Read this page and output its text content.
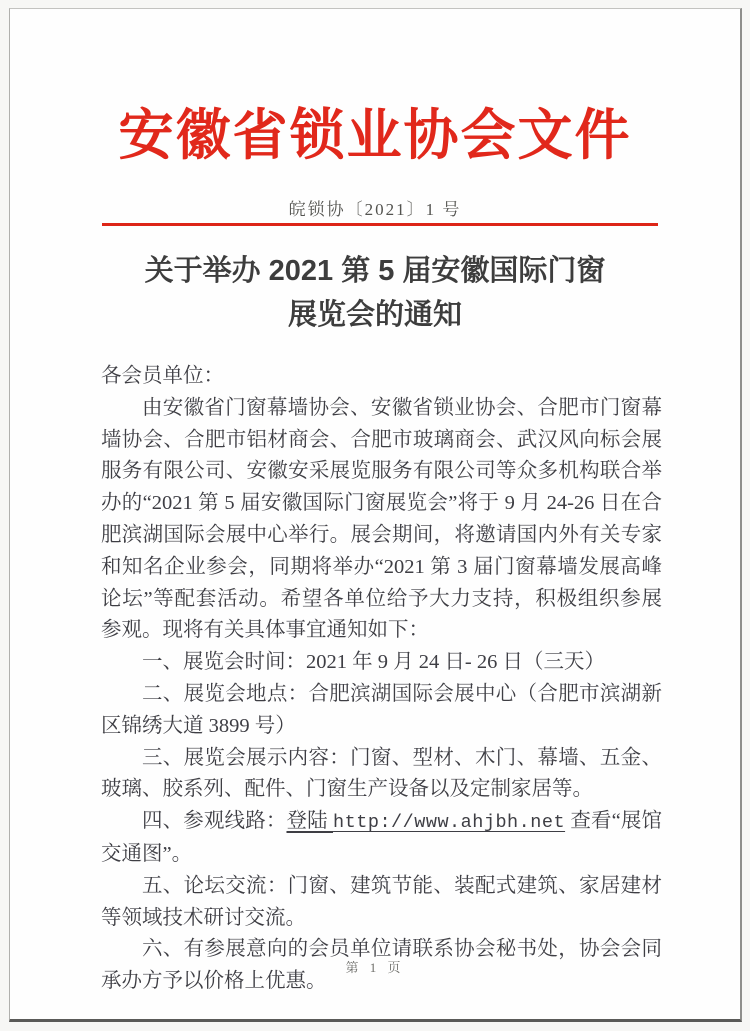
安徽省锁业协会文件
皖锁协〔2021〕1 号
关于举办 2021 第 5 届安徽国际门窗
展览会的通知

各会员单位：

由安徽省门窗幕墙协会、安徽省锁业协会、合肥市门窗幕墙协会、合肥市铝材商会、合肥市玻璃商会、武汉风向标会展服务有限公司、安徽安采展览服务有限公司等众多机构联合举办的“2021 第 5 届安徽国际门窗展览会”将于 9 月 24-26 日在合肥滨湖国际会展中心举行。展会期间，将邀请国内外有关专家和知名企业参会，同期将举办“2021 第 3 届门窗幕墙发展高峰论坛”等配套活动。希望各单位给予大力支持，积极组织参展参观。现将有关具体事宜通知如下：

一、展览会时间：2021 年 9 月 24 日- 26 日（三天）

二、展览会地点：合肥滨湖国际会展中心（合肥市滨湖新区锦绣大道 3899 号）

三、展览会展示内容：门窗、型材、木门、幕墙、五金、玻璃、胶系列、配件、门窗生产设备以及定制家居等。

四、参观线路：登陆 http://www.ahjbh.net 查看“展馆交通图”。

五、论坛交流：门窗、建筑节能、装配式建筑、家居建材等领域技术研讨交流。

六、有参展意向的会员单位请联系协会秘书处，协会会同承办方予以价格上优惠。

第 1 页
